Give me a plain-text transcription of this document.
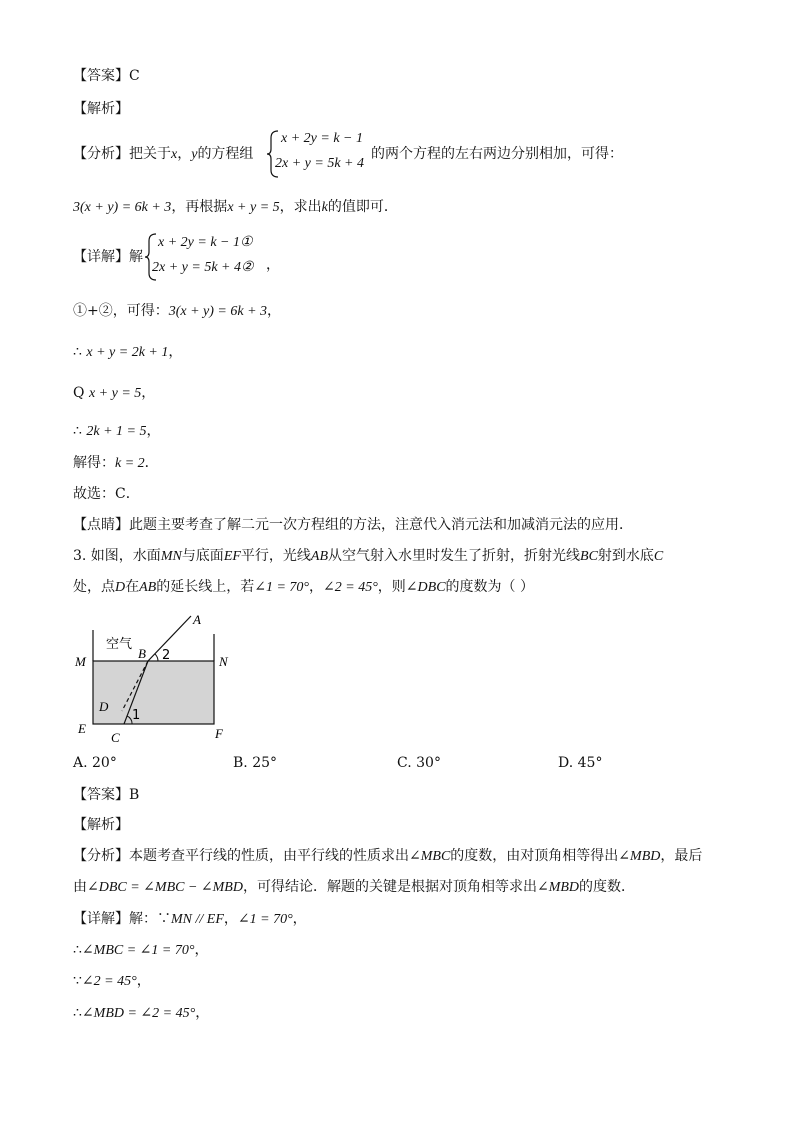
【答案】C
【解析】
【分析】把关于x，y的方程组
x + 2y = k − 1
2x + y = 5k + 4
的两个方程的左右两边分别相加，可得：
3(x + y) = 6k + 3，再根据x + y = 5，求出k的值即可．
【详解】解
x + 2y = k − 1①
2x + y = 5k + 4② ，
①+②，可得：3(x + y) = 6k + 3，
∴ x + y = 2k + 1，
Q x + y = 5，
∴ 2k + 1 = 5，
解得：k = 2．
故选：C．
【点睛】此题主要考查了解二元一次方程组的方法，注意代入消元法和加减消元法的应用．
3. 如图，水面MN与底面EF平行，光线AB从空气射入水里时发生了折射，折射光线BC射到水底C
处，点D在AB的延长线上，若∠1 = 70°，∠2 = 45°，则∠DBC的度数为（ ）
A
B
C
D
E	F
M	N
2
1
空气
A. 20°	B. 25°	C. 30°	D. 45°
【答案】B
【解析】
【分析】本题考查平行线的性质，由平行线的性质求出∠MBC的度数，由对顶角相等得出∠MBD，最后
由∠DBC = ∠MBC − ∠MBD，可得结论．解题的关键是根据对顶角相等求出∠MBD的度数．
【详解】解：∵MN // EF，∠1 = 70°，
∴∠MBC = ∠1 = 70°，
∵∠2 = 45°，
∴∠MBD = ∠2 = 45°，
